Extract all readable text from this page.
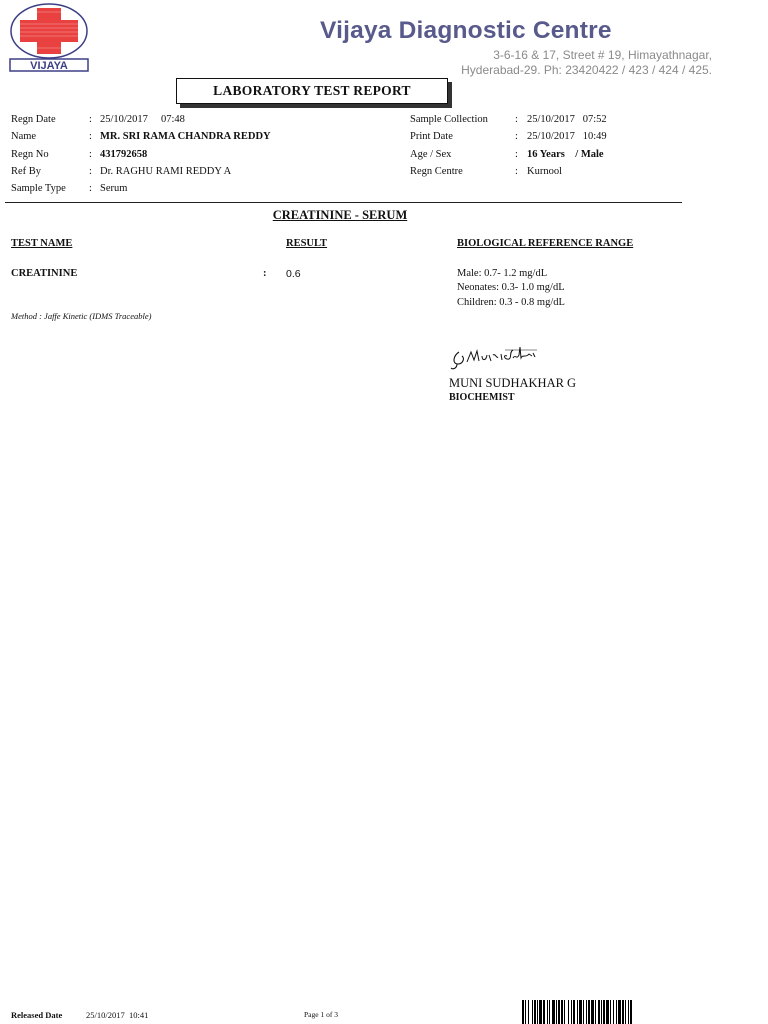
VIJAYA
Vijaya Diagnostic Centre
3-6-16 & 17, Street # 19, Himayathnagar,
Hyderabad-29. Ph: 23420422 / 423 / 424 / 425.
LABORATORY TEST REPORT
Regn Date	: 25/10/2017     07:48
Name	: MR. SRI RAMA CHANDRA REDDY
Regn No	: 431792658
Ref By	: Dr. RAGHU RAMI REDDY A
Sample Type : Serum
Sample Collection	: 25/10/2017   07:52
Print Date	: 25/10/2017   10:49
Age / Sex	: 16 Years    / Male
Regn Centre	: Kurnool
CREATININE - SERUM
TEST NAME	RESULT	BIOLOGICAL REFERENCE RANGE
CREATININE	: 0.6	Male: 0.7- 1.2 mg/dL
Neonates: 0.3- 1.0 mg/dL
Children: 0.3 - 0.8 mg/dL
Method : Jaffe Kinetic (IDMS Traceable)
MUNI SUDHAKHAR G
BIOCHEMIST
Released Date	25/10/2017  10:41	Page 1 of 3
